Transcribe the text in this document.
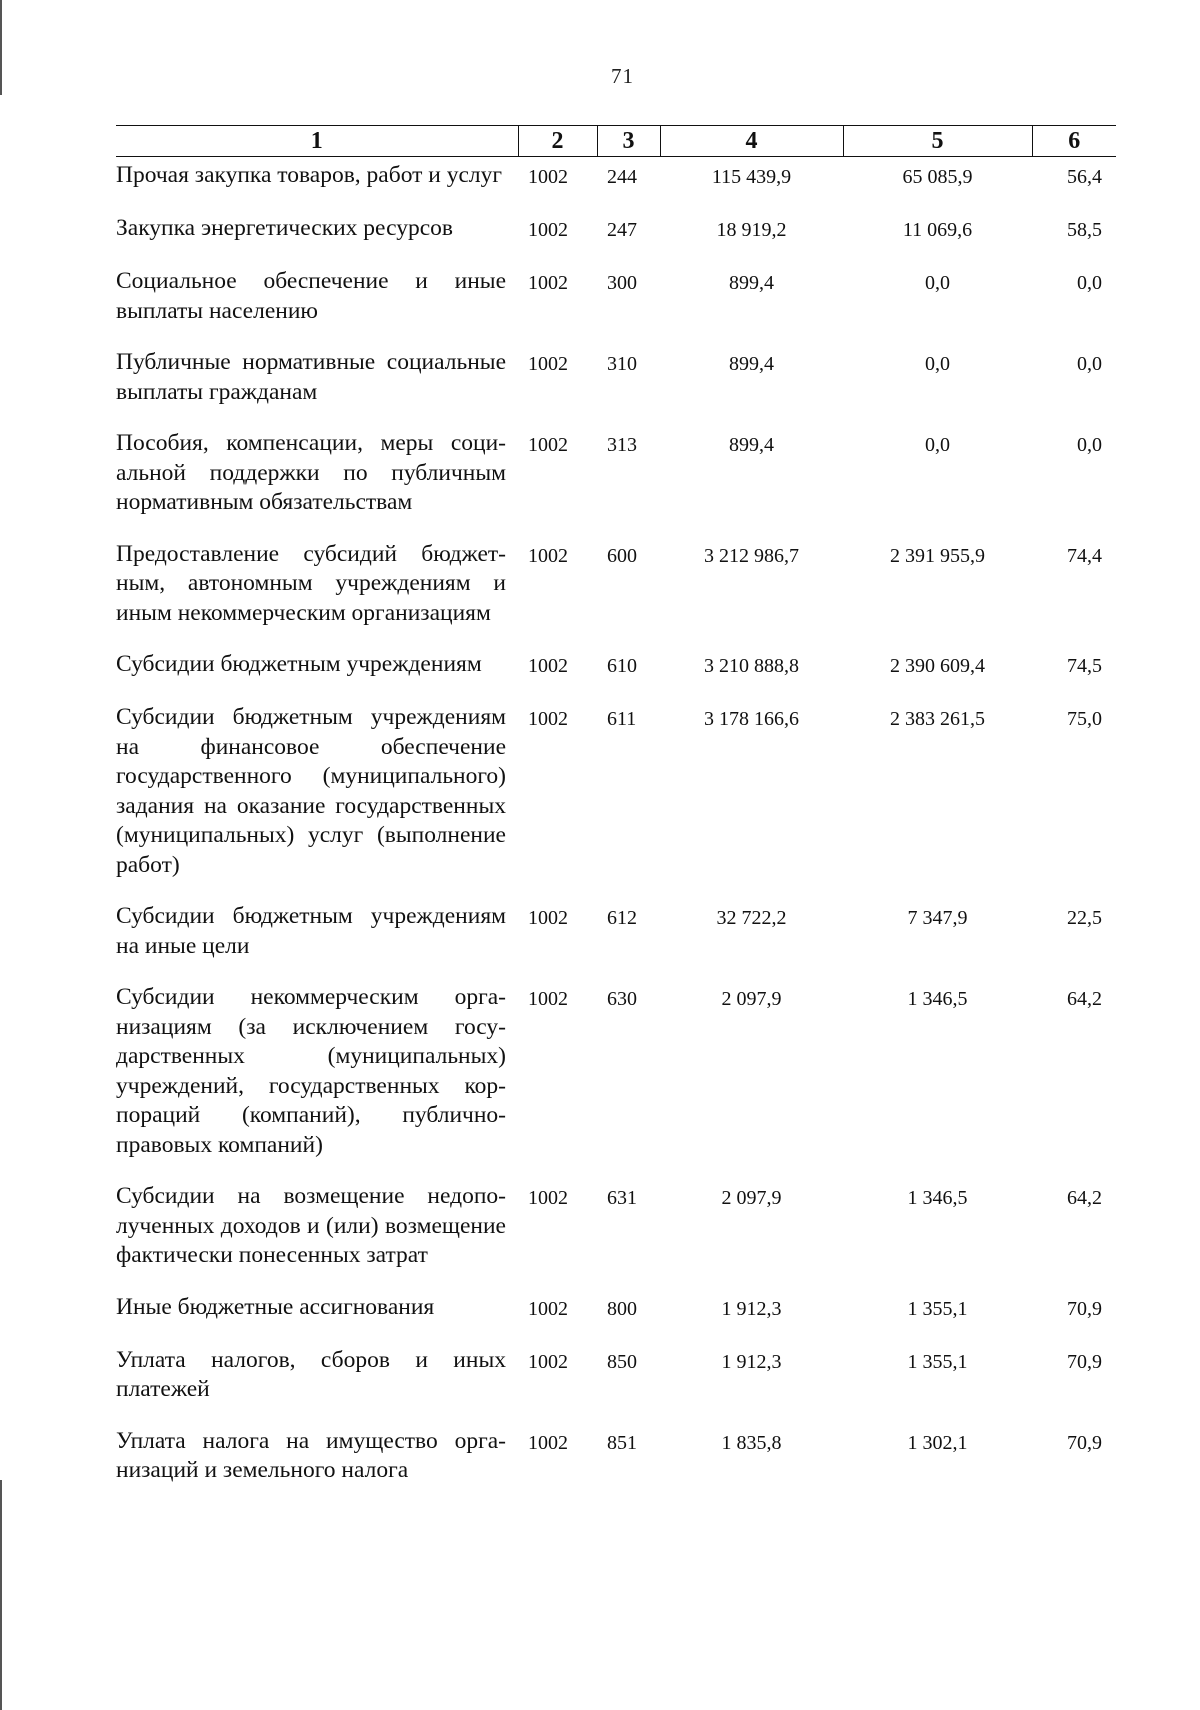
71
1	2	3	4	5	6
Прочая закупка товаров, работ и услуг	1002	244	115 439,9	65 085,9	56,4
Закупка энергетических ресурсов	1002	247	18 919,2	11 069,6	58,5
Социальное обеспечение и иные выплаты населению	1002	300	899,4	0,0	0,0
Публичные нормативные социальные выплаты гражданам	1002	310	899,4	0,0	0,0
Пособия, компенсации, меры социальной поддержки по публичным нормативным обязательствам	1002	313	899,4	0,0	0,0
Предоставление субсидий бюджетным, автономным учреждениям и иным некоммерческим организациям	1002	600	3 212 986,7	2 391 955,9	74,4
Субсидии бюджетным учреждениям	1002	610	3 210 888,8	2 390 609,4	74,5
Субсидии бюджетным учреждениям на финансовое обеспечение государственного (муниципального) задания на оказание государственных (муниципальных) услуг (выполнение работ)	1002	611	3 178 166,6	2 383 261,5	75,0
Субсидии бюджетным учреждениям на иные цели	1002	612	32 722,2	7 347,9	22,5
Субсидии некоммерческим организациям (за исключением государственных (муниципальных) учреждений, государственных корпораций (компаний), публично-правовых компаний)	1002	630	2 097,9	1 346,5	64,2
Субсидии на возмещение недополученных доходов и (или) возмещение фактически понесенных затрат	1002	631	2 097,9	1 346,5	64,2
Иные бюджетные ассигнования	1002	800	1 912,3	1 355,1	70,9
Уплата налогов, сборов и иных платежей	1002	850	1 912,3	1 355,1	70,9
Уплата налога на имущество организаций и земельного налога	1002	851	1 835,8	1 302,1	70,9
